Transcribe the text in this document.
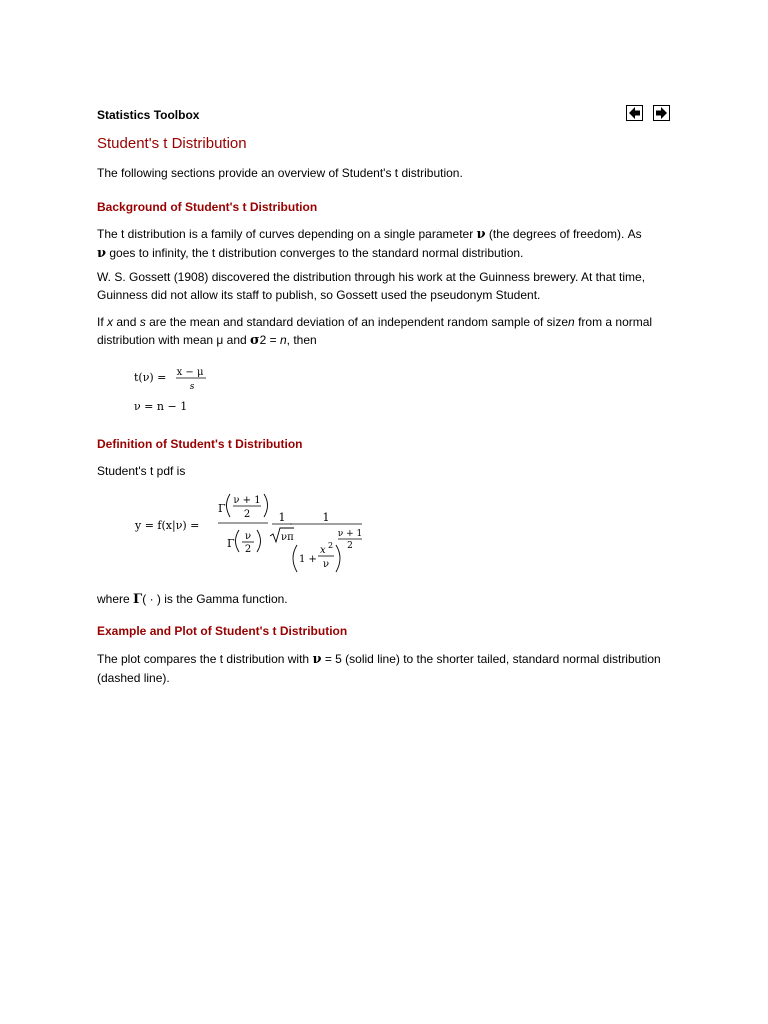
Statistics Toolbox
Student's t Distribution
The following sections provide an overview of Student's t distribution.
Background of Student's t Distribution
The t distribution is a family of curves depending on a single parameter ν (the degrees of freedom). As
ν goes to infinity, the t distribution converges to the standard normal distribution.
W. S. Gossett (1908) discovered the distribution through his work at the Guinness brewery. At that time, Guinness did not allow its staff to publish, so Gossett used the pseudonym Student.
If x and s are the mean and standard deviation of an independent random sample of sizen from a normal distribution with mean μ and σ2 = n, then
t(ν) = x − μ
s
ν = n − 1
Definition of Student's t Distribution
Student's t pdf is
y = f(x|ν) =
Γ
ν + 1
2
Γ
ν
2
1
νπ
1
1 +
x 2
ν
ν + 1
2
where Γ( · ) is the Gamma function.
Example and Plot of Student's t Distribution
The plot compares the t distribution with ν = 5 (solid line) to the shorter tailed, standard normal distribution (dashed line).
